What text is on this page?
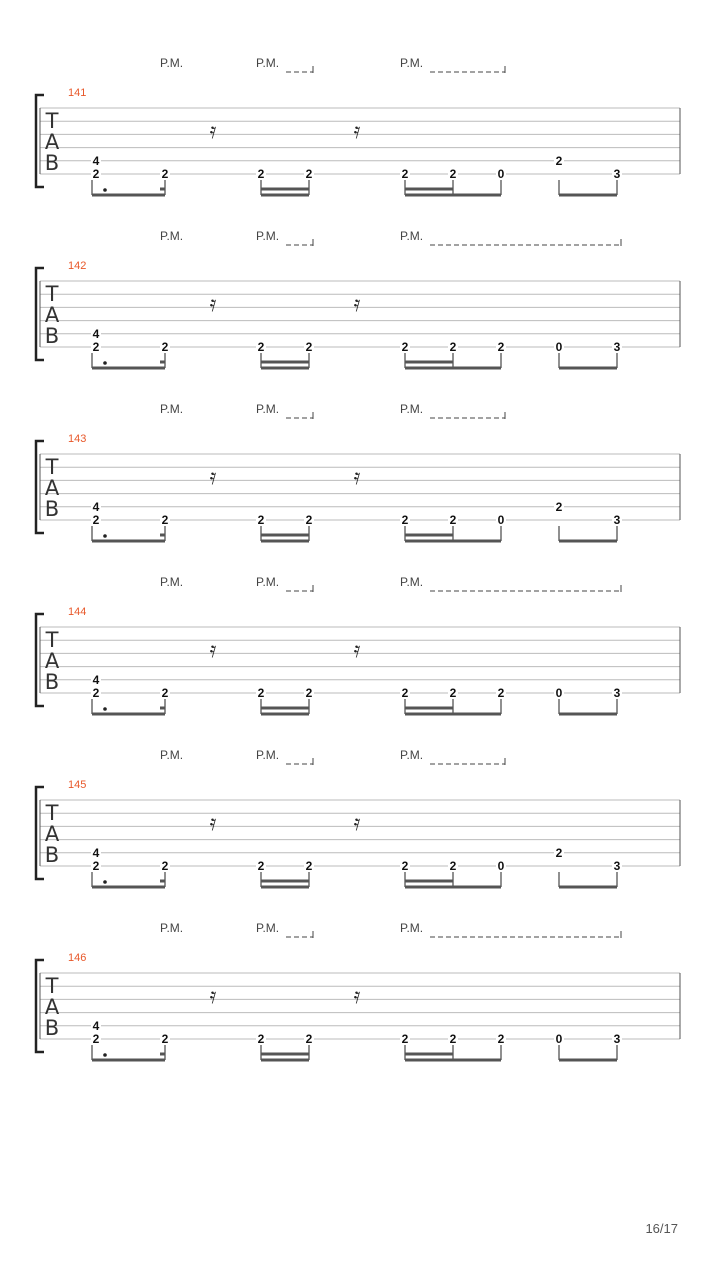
P.M.	P.M.	P.M.
141
T
A
B
𝄿	𝄿
4
2	2	2	2	2	2	0
2
3
P.M.	P.M.	P.M.
142
T
A
B
𝄿	𝄿
4
2	2	2	2	2	2	2	0	3
P.M.	P.M.	P.M.
143
T
A
B
𝄿	𝄿
4
2	2	2	2	2	2	0
2
3
P.M.	P.M.	P.M.
144
T
A
B
𝄿	𝄿
4
2	2	2	2	2	2	2	0	3
P.M.	P.M.	P.M.
145
T
A
B
𝄿	𝄿
4
2	2	2	2	2	2	0
2
3
P.M.	P.M.	P.M.
146
T
A
B
𝄿	𝄿
4
2	2	2	2	2	2	2	0	3
16/17
